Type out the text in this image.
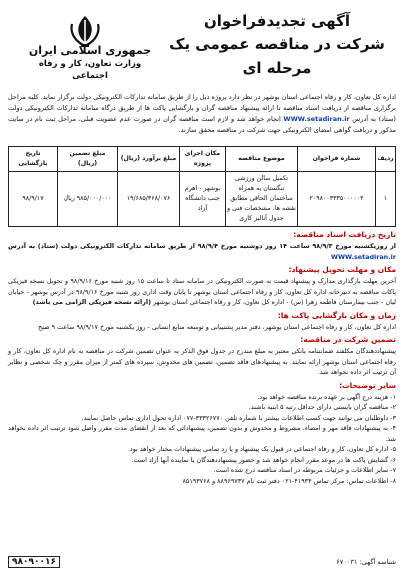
جمهوری اسلامی ایران
وزارت تعاون، کار و رفاه اجتماعی
آگهی تجدیدفراخوان
شرکت در مناقصه عمومی یک مرحله ای
اداره کل تعاون، کار و رفاه اجتماعی استان بوشهر در نظر دارد پروژه ذیل را از طریق سامانه تدارکات الکترونیکی دولت برگزار نماید. کلیه مراحل برگزاری مناقصه از دریافت اسناد مناقصه تا ارائه پیشنهاد مناقصه گران و بازگشایی پاکت ها از طریق درگاه سامانه تدارکات الکترونیکی دولت (ستاد) به آدرس WWW.setadiran.ir انجام خواهد شد و لازم است مناقصه گران در صورت عدم عضویت قبلی، مراحل ثبت نام در سایت مذکور و دریافت گواهی امضای الکترونیکی جهت شرکت در مناقصه محقق سازند.
ردیف	شماره فراخوان	موضوع مناقصه	مکان اجرای پروژه	مبلغ برآورد (ریال)	مبلغ تضمین (ریال)	تاریخ بازگشایی
۱	۲۰۹۸۰۰۳۳۳۵۰۰۰۰۰۴	تکمیل سالن ورزشی تنگستان به همراه ساختمان الحاقی مطابق نقشه ها، مشخصات فنی و جدول آنالیز کاری	بوشهر - اهرم جنب دانشگاه آزاد	۱۹/۶۸۵/۳۶۸/۰۷۶	۹۸۵/۰۰۰/۰۰۰ ریال	۹۸/۹/۱۷
تاریخ دریافت اسناد مناقصه:
از روزیکشنبه مورخ ۹۸/۹/۳ ساعت ۱۴ روز دوشنبه مورخ ۹۸/۹/۴ از طریق سامانه تدارکات الکترونیکی دولت (ستاد) به آدرس WWW.setadiran.ir
مکان و مهلت تحویل پیشنهاد:
آخرین مهلت بارگذاری مدارک و پیشنهاد قیمت به صورت الکترونیکی در سامانه ستاد تا ساعت ۱۵ روز شنبه مورخ ۹۸/۹/۱۶ و تحویل نسخه فیزیکی پاکات مناقصه به دبیرخانه اداره کل تعاون، کار و رفاه اجتماعی استان بوشهر تا پایان وقت اداری روز شنبه مورخ ۹۸/۹/۱۶ در آدرس بوشهر - خیابان لیان - جنب بیمارستان فاطمه زهرا (س) - اداره کل تعاون، کار و رفاه اجتماعی استان بوشهر (ارائه نسخه فیزیکی الزامی می باشد)
زمان و مکان بازگشایی پاکت ها:
اداره کل تعاون، کار و رفاه اجتماعی استان بوشهر، دفتر مدیر پشتیبانی و توسعه منابع انسانی - روز یکشنبه مورخ ۹۸/۹/۱۷ ساعت ۹ صبح
تضمین شرکت در مناقصه:
پیشنهاددهندگان مکلفند ضمانتنامه بانکی معتبر به مبلغ مندرج در جدول فوق الذکر به عنوان تضمین شرکت در مناقصه به نام اداره کل تعاون، کار و رفاه اجتماعی استان بوشهر ارائه نمایند. به پیشنهادهای فاقد تضمین، تضمین های مخدوش، سپرده های کمتر از میزان مقرر و چک شخصی و نظایر آن ترتیب اثر داده نخواهد شد.
سایر توضیحات:
۱- هزینه درج آگهی بر عهده برنده مناقصه خواهد بود.
۲- مناقصه گران بایستی دارای حداقل رتبه ۵ ابنیه باشند.
۳- داوطلبان می توانند جهت کسب اطلاعات بیشتر با شماره تلفن ۳۳۳۲۶۷۷۰-۰۷۷ اداره تحول اداری تماس حاصل نمایند.
۴- به پیشنهادات فاقد مهر و امضاء، مشروط و مخدوش و بدون تضمین، پیشنهاداتی که بعد از انقضای مدت مقرر واصل شود ترتیب اثر داده نخواهد شد.
۵- اداره کل تعاون، کار و رفاه اجتماعی در قبول یک پیشنهاد و یا رد تمامی پیشنهادات مختار خواهد بود.
۶- گشایش پاکت ها در موعد مقرر انجام خواهد شد و حضور پیشنهاددهندگان یا نماینده آنها آزاد است.
۷- سایر اطلاعات و جزئیات مربوطه در اسناد مناقصه درج شده است.
۸- اطلاعات تماس: مرکز تماس ۴۱۹۳۴-۰۲۱ دفتر ثبت نام ۸۸۹۶۹۷۳۷ و ۸۵۱۹۳۷۶۸
شناسه آگهی: ۶۷۰۰۳۱
۹۸۰۹۰۰۱۶
